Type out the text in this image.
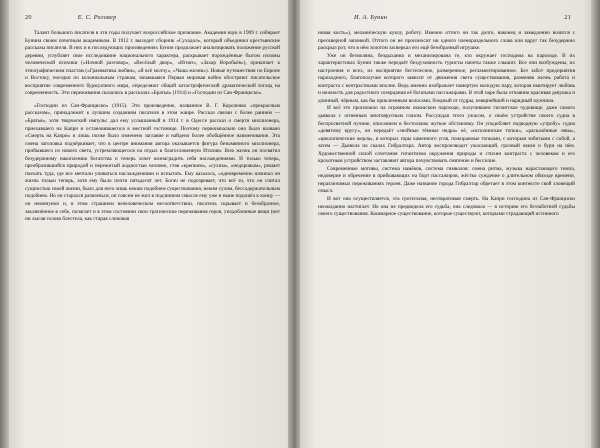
20	Е. С. Роговер

Талант большого писателя в эти годы получает всероссийское признание. Академия наук в 1909 г. избирает Бунина своим почетным академиком. В 1912 г. выходит сборник «Суходол», который объединил крестьянские рассказы писателя. В них и в последующих произведениях Бунин продолжает анализировать положение русской деревни, углубляет свое исследование национального характера, раскрывает порождённые бытом изломы человеческой психики («Ночной разговор», «Весёлый двор», «Игнат», «Захар Воробьёв»), прикипает к этнографическим пластам («Грамматика любви», «Я всё молчу», «Чаша жизни»). Новые путешествия по Европе и Востоку, поездки по колониальным странам, начавшаяся Первая мировая война обостряют писательское восприятие современного буржуазного мира, определяют общий катастрофический драматический взгляд на современность. Эти переживания сказались в рассказах «Братья» (1914) и «Господин из Сан-Франциско».

«Господин из Сан-Франциско» (1915). Это произведение, названное В. Г. Короленко «прекрасным рассказом», принадлежит к лучшим созданиям писателя в этом жанре. Рассказ связан с более ранним — «Братья», хотя творческий импульс дал ему услышанный в 1914 г. в Одессе рассказ о смерти миллионера, приехавшего на Капри и остановившегося в местной гостинице. Поэтому первоначально оно было названо «Смерть на Капри» и лишь позже было изменено заглавие и найдено более обобщённое наименование. Эта смена заголовка подчёркивает, что в центре внимания автора оказывается фигура безымянного миллионера, прибывшего из нового света, устремляющегося на отдых в благословенную Италию. Всю жизнь он посвятил безудержному накоплению богатства и теперь хочет вознаградить себя наслаждениями. И только теперь, преобразившийся природой и пережитый жадностью человек, став «крепким», «сухим», «недоровым», решает поехать туда, где все мечтали упиваться наслаждениями и испытать. Ему казалось, «одновременно начинал он жизнь только теперь, хотя ему было почти пятьдесят лет. Богач не подозревает, что всё то, что он считал сущностью своей жизни, было для него лишь неким подобием существования, неким сухим, бессодержательным подобием. Но он старался развлечься, он совсем не жил в подлинном смысле ему уже и ныне подошёл к концу — он неминуемо и, в этом страшном нечеловеческом несоответствии, писатель скрывает и безобразное, заключённое в себе, полагает и в этом состоянии свои трагические переживания героя, уподобленные вещи (нет ни лысая голова блестела, как старая слоновая

И. А. Бунин	21

новая кость»), механическую куклу, роботу. Именно оттого он так долго, наконец и замедленно возится с прескверной запонкой. Оттого он не произносит ни одного членораздельного слова или вдруг так безудержно раскрыл рот, что в нём золотом засверкал его ещё безобразный игрушке.

Уже он безмолвна, бездыханна и механизирована те, кто окружает господина на пароходе. В их характеристиках Бунин также передаёт бездуховность туристы начеты также слышит. Все они возбуждены, их настроения и всех, их восприятие бестелесное, размеренное, регламентированное. Без забот предприятия пароходного, благополучие которого зависит от движения света существования, разменяв жизнь работа и контраста с контрастными вполне. Ведь именно изображает намертую молодую пару, которая имитирует любовь и нежность для радостного созерцания её богатыми пассажирами. В этой паре была отчаянно красивая девушка и длинный, чёрным, как бы приклеенным волосами, бледный от пудры, изящнейший и нарядный мужчина.

И всё это произошло на огромном океанском пароходе, получившем гигантское чудовище, даже самого дьявола с огненным многоярусным глазом. Рассуждая этого ужасом, о своём устройстве своего судна в беспросветной пучине, описанием в бестолково жуткое обстановку. Он уподобляет подводную «утробу» судна «девятому кругу», он передаёт «знойные тёмные недра» её, «исполинские топки», «раскалённые зевы», «циклопические жерла», в которых горы каменного угля, пожираемые топками, с которым взбитыми с собой, а затем — Дьявола на скалах Гибралтара. Автор воспроизводит ужасающий, грозный океан и бури на нём. Художественной силой сочетания гигантизма окружения природы и стихии контраста с человеком и его крохотным устройством заставляют автора почувствовать смятение и бессилие.

Современные мотивы, система намёков, система символов: смена ритма, музыка нарастающего темпа, недоверие и обречение в прибывающих на борт пассажиров, жёстко суждение о длительном обиходе времени, неразличимых переживаниях героев. Даже название города Гибралтар обретает в этом контексте свой зловещий смысл.

И вот она осуществляется, эта гротескная, неотвратимая смерть. На Капри господина из Сан-Франциско неожиданно настигает. Но она не предвидела его судьба, она следовала — в историю его беззаботной судьбы своего существования. Кошмарное существование, которые существуют, которыми страдающий истинного
